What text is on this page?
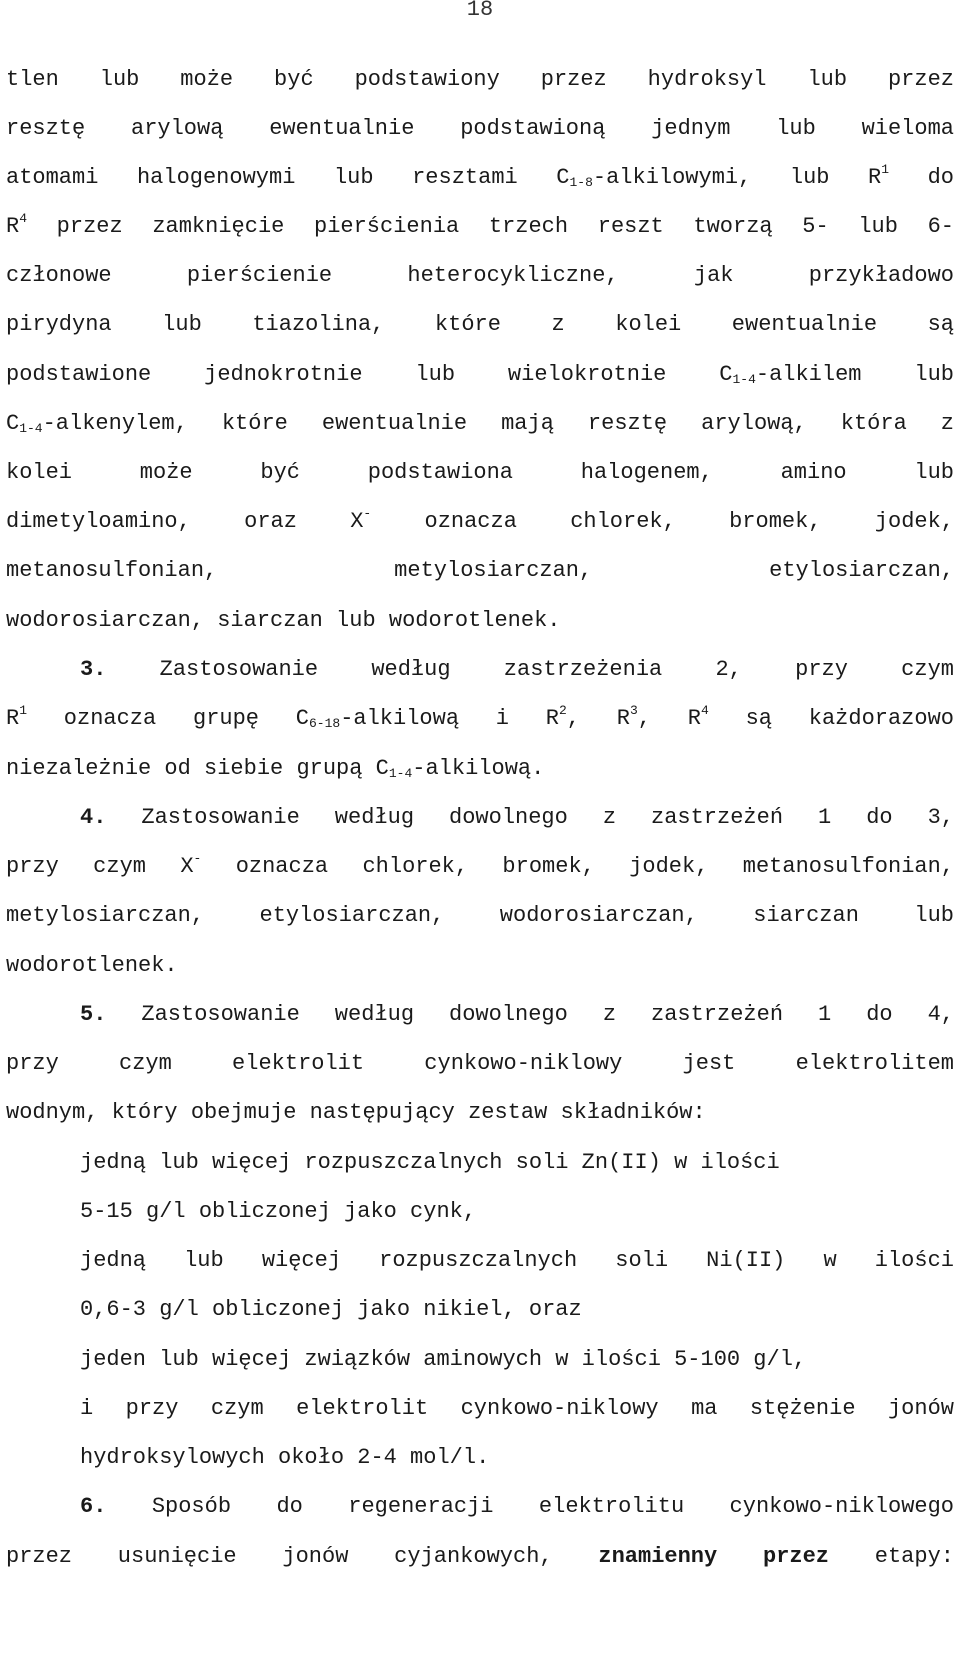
18
tlen lub może być podstawiony przez hydroksyl lub przez
resztę arylową ewentualnie podstawioną jednym lub wieloma
atomami halogenowymi lub resztami $C_{1-8}$-alkilowymi, lub $R^1$ do
$R^4$ przez zamknięcie pierścienia trzech reszt tworzą 5- lub 6-
członowe pierścienie heterocykliczne, jak przykładowo
pirydyna lub tiazolina, które z kolei ewentualnie są
podstawione jednokrotnie lub wielokrotnie $C_{1-4}$-alkilem lub
$C_{1-4}$-alkenylem, które ewentualnie mają resztę arylową, która z
kolei może być podstawiona halogenem, amino lub
dimetyloamino, oraz X- oznacza chlorek, bromek, jodek,
metanosulfonian, metylosiarczan, etylosiarczan,
wodorosiarczan, siarczan lub wodorotlenek.
3. Zastosowanie według zastrzeżenia 2, przy czym
$R^1$ oznacza grupę $C_{6-18}$-alkilową i $R^2$, $R^3$, $R^4$ są każdorazowo
niezależnie od siebie grupą $C_{1-4}$-alkilową.
4. Zastosowanie według dowolnego z zastrzeżeń 1 do 3,
przy czym X- oznacza chlorek, bromek, jodek, metanosulfonian,
metylosiarczan, etylosiarczan, wodorosiarczan, siarczan lub
wodorotlenek.
5. Zastosowanie według dowolnego z zastrzeżeń 1 do 4,
przy czym elektrolit cynkowo-niklowy jest elektrolitem
wodnym, który obejmuje następujący zestaw składników:
jedną lub więcej rozpuszczalnych soli Zn(II) w ilości
5-15 g/l obliczonej jako cynk,
jedną lub więcej rozpuszczalnych soli Ni(II) w ilości
0,6-3 g/l obliczonej jako nikiel, oraz
jeden lub więcej związków aminowych w ilości 5-100 g/l,
i przy czym elektrolit cynkowo-niklowy ma stężenie jonów
hydroksylowych około 2-4 mol/l.
6. Sposób do regeneracji elektrolitu cynkowo-niklowego
przez usunięcie jonów cyjankowych, znamienny przez etapy:
